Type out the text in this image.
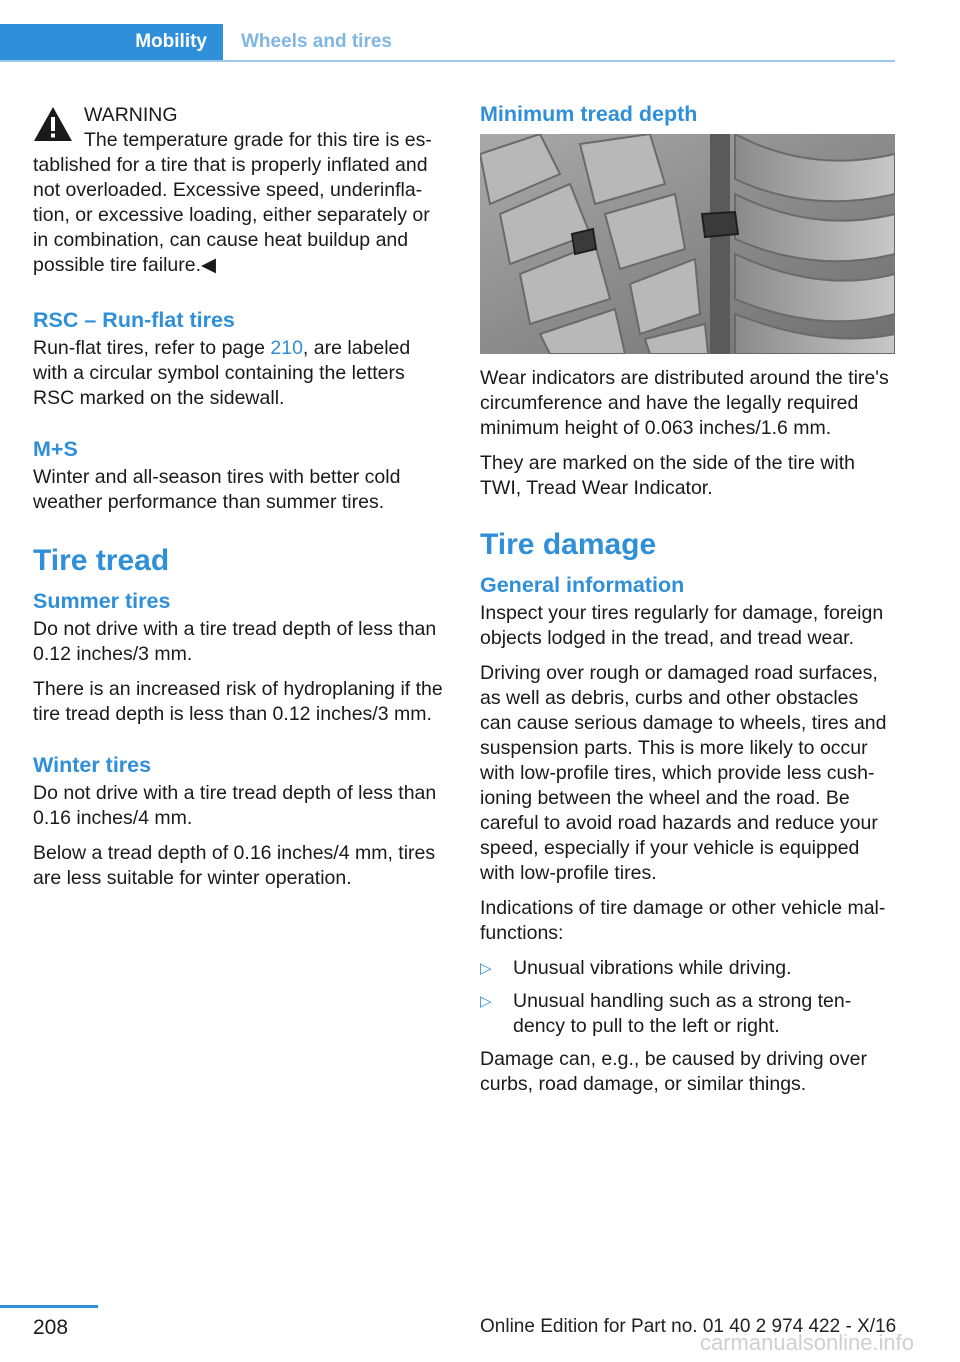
Mobility	Wheels and tires
WARNING
The temperature grade for this tire is es-
tablished for a tire that is properly inflated and not overloaded. Excessive speed, underinflation, or excessive loading, either separately or in combination, can cause heat buildup and possible tire failure.◀
RSC – Run-flat tires

Run-flat tires, refer to page 210, are labeled with a circular symbol containing the letters RSC marked on the sidewall.

M+S

Winter and all-season tires with better cold weather performance than summer tires.

Tire tread
Summer tires

Do not drive with a tire tread depth of less than 0.12 inches/3 mm.

There is an increased risk of hydroplaning if the tire tread depth is less than 0.12 inches/3 mm.

Winter tires

Do not drive with a tire tread depth of less than 0.16 inches/4 mm.

Below a tread depth of 0.16 inches/4 mm, tires are less suitable for winter operation.

Minimum tread depth

Wear indicators are distributed around the tire's circumference and have the legally required minimum height of 0.063 inches/1.6 mm.

They are marked on the side of the tire with TWI, Tread Wear Indicator.

Tire damage
General information

Inspect your tires regularly for damage, foreign objects lodged in the tread, and tread wear.

Driving over rough or damaged road surfaces, as well as debris, curbs and other obstacles can cause serious damage to wheels, tires and suspension parts. This is more likely to occur with low-profile tires, which provide less cushioning between the wheel and the road. Be careful to avoid road hazards and reduce your speed, especially if your vehicle is equipped with low-profile tires.

Indications of tire damage or other vehicle malfunctions:

▷ Unusual vibrations while driving.
▷ Unusual handling such as a strong tendency to pull to the left or right.

Damage can, e.g., be caused by driving over curbs, road damage, or similar things.

208	Online Edition for Part no. 01 40 2 974 422 - X/16
carmanualsonline.info
